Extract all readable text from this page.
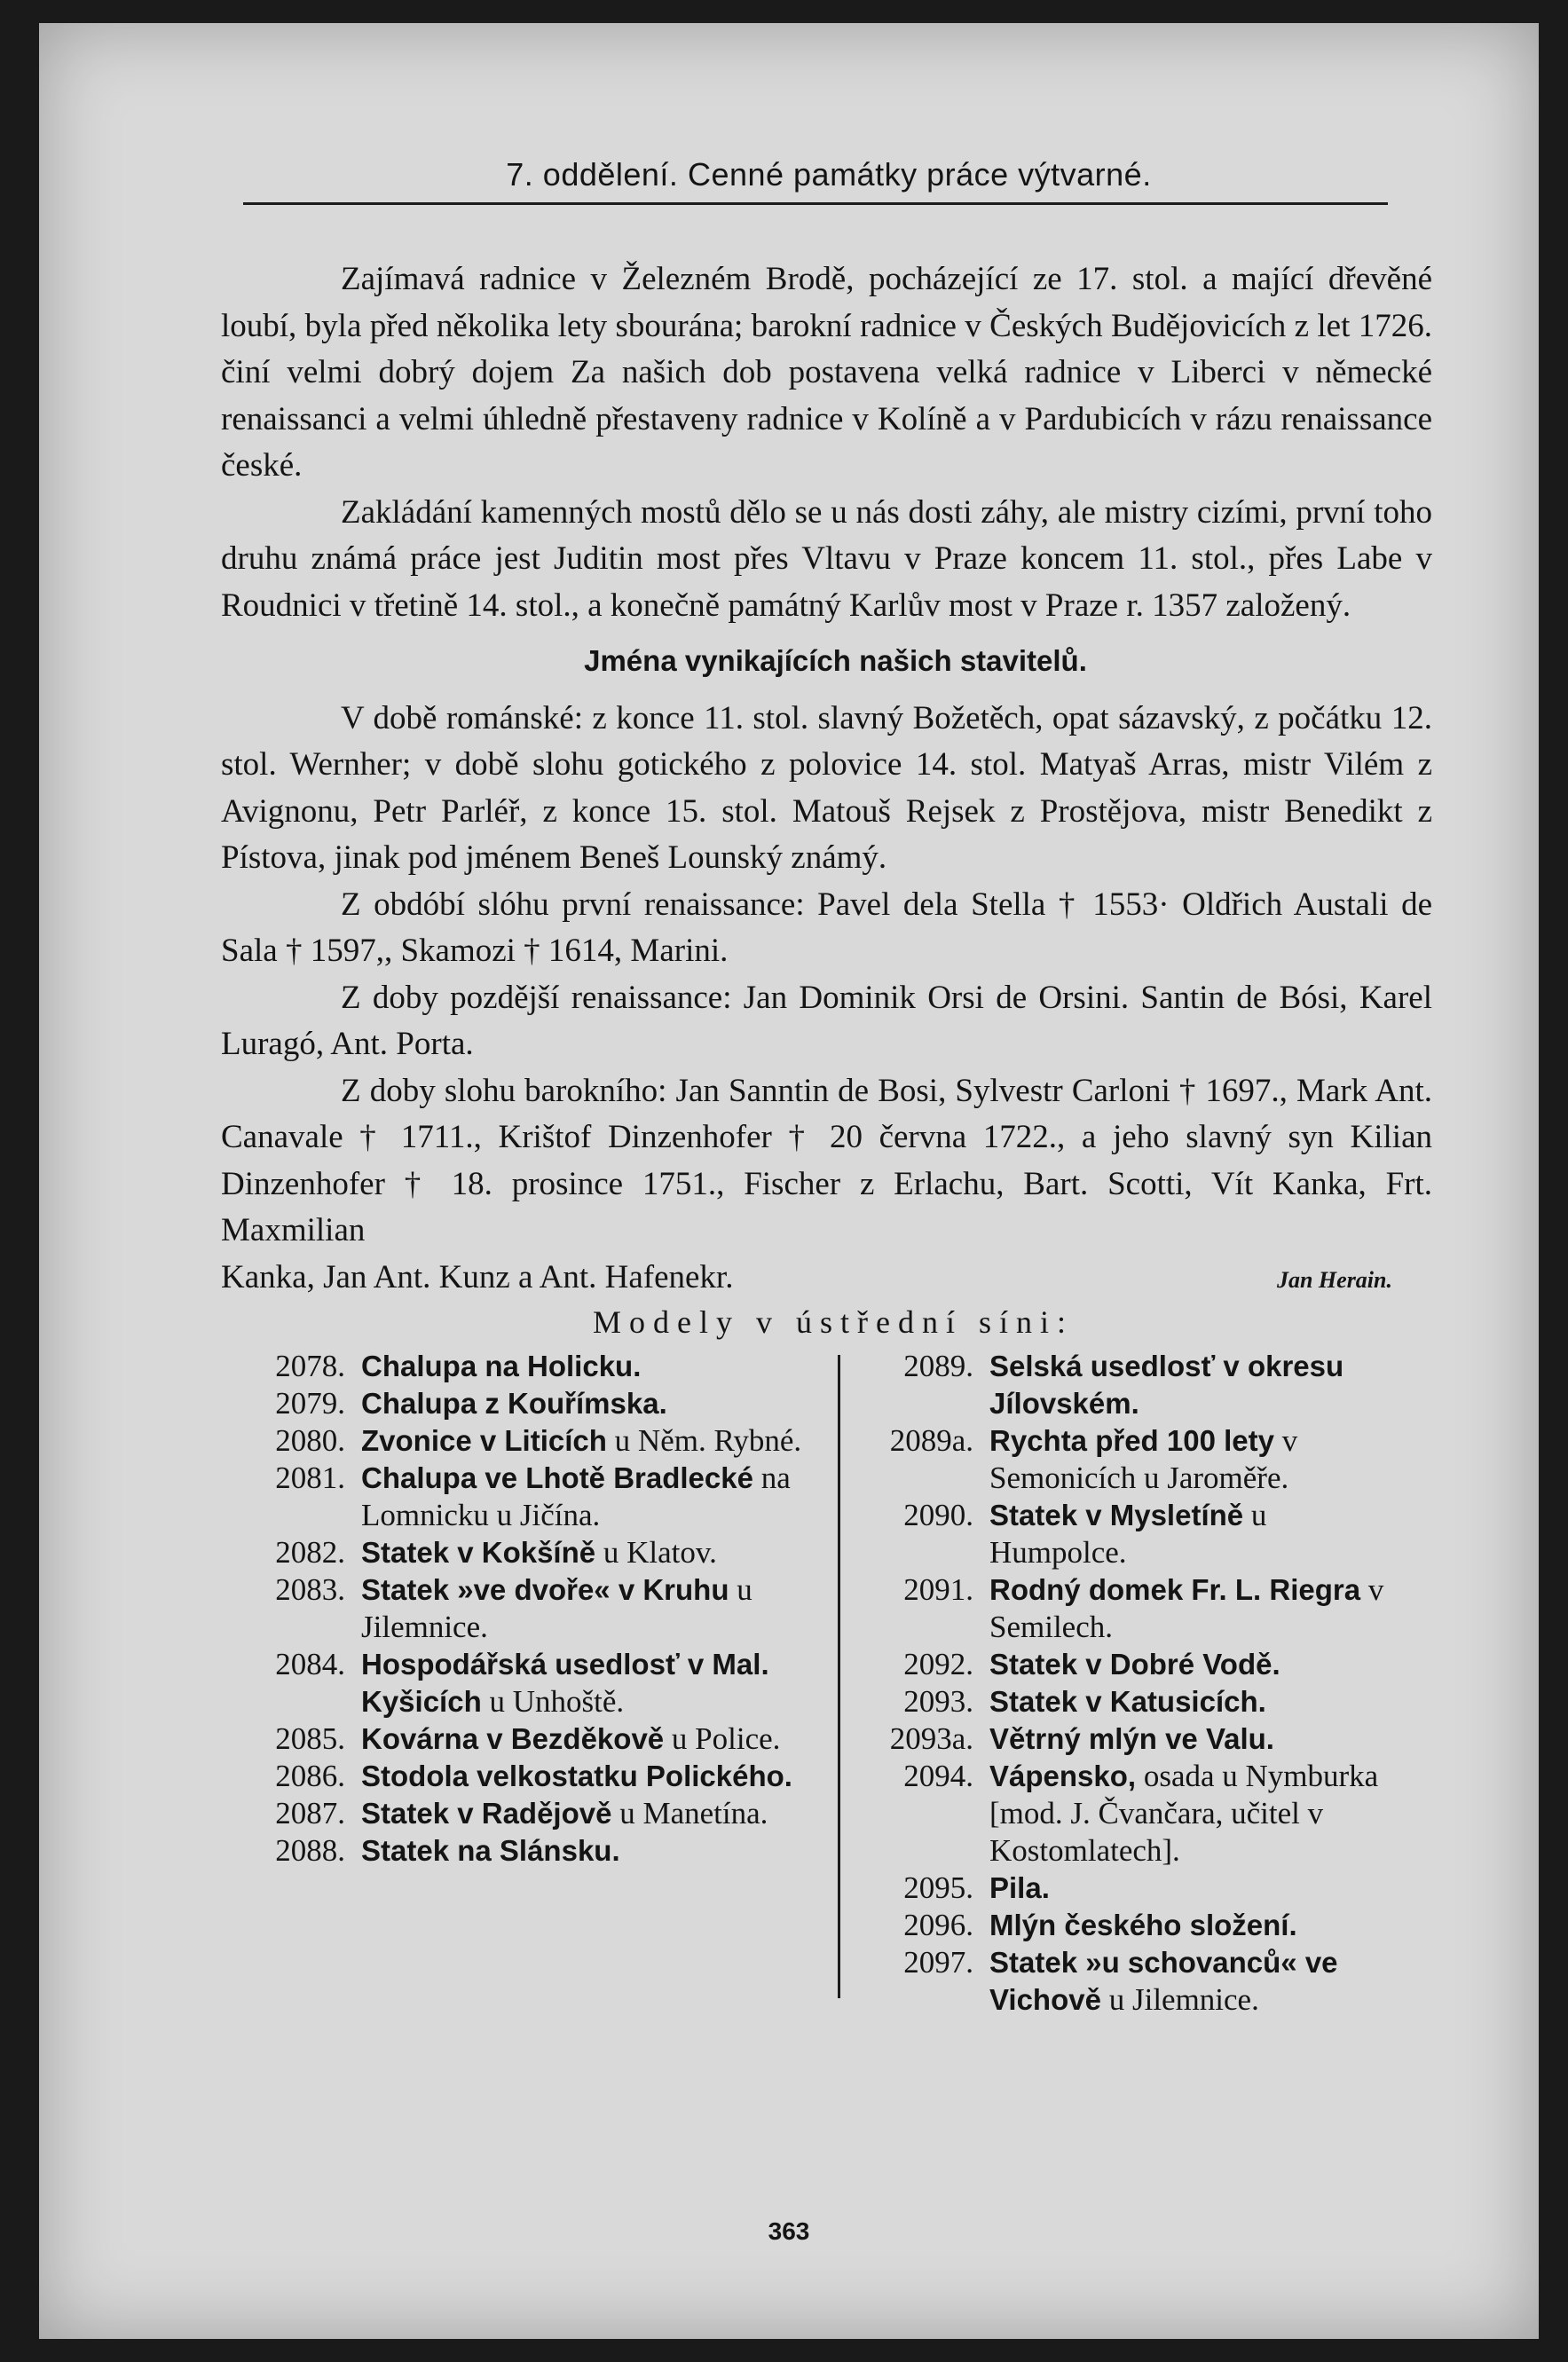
7. oddělení. Cenné památky práce výtvarné.

Zajímavá radnice v Železném Brodě, pocházející ze 17. stol. a mající dřevěné loubí, byla před několika lety sbourána; barokní radnice v Českých Budějovicích z let 1726. činí velmi dobrý dojem Za našich dob postavena velká radnice v Liberci v německé renaissanci a velmi úhledně přestaveny radnice v Kolíně a v Pardubicích v rázu renaissance české.

Zakládání kamenných mostů dělo se u nás dosti záhy, ale mistry cizími, první toho druhu známá práce jest Juditin most přes Vltavu v Praze koncem 11. stol., přes Labe v Roudnici v třetině 14. stol., a konečně památný Karlův most v Praze r. 1357 založený.

Jména vynikajících našich stavitelů.

V době románské: z konce 11. stol. slavný Božetěch, opat sázavský, z počátku 12. stol. Wernher; v době slohu gotického z polovice 14. stol. Matyaš Arras, mistr Vilém z Avignonu, Petr Parléř, z konce 15. stol. Matouš Rejsek z Prostějova, mistr Benedikt z Pístova, jinak pod jménem Beneš Lounský známý.

Z obdóbí slóhu první renaissance: Pavel dela Stella † 1553· Oldřich Austali de Sala † 1597,, Skamozi † 1614, Marini.

Z doby pozdější renaissance: Jan Dominik Orsi de Orsini. Santin de Bósi, Karel Luragó, Ant. Porta.

Z doby slohu barokního: Jan Sanntin de Bosi, Sylvestr Carloni † 1697., Mark Ant. Canavale † 1711., Krištof Dinzenhofer † 20 června 1722., a jeho slavný syn Kilian Dinzenhofer † 18. prosince 1751., Fischer z Erlachu, Bart. Scotti, Vít Kanka, Frt. Maxmilian

Kanka, Jan Ant. Kunz a Ant. Hafenekr.	Jan Herain.
Modely v ústřední síni:
2078. Chalupa na Holicku.
2079. Chalupa z Kouřímska.
2080. Zvonice v Liticích u Něm. Rybné.
2081. Chalupa ve Lhotě Bradlecké na Lomnicku u Jičína.
2082. Statek v Kokšíně u Klatov.
2083. Statek »ve dvoře« v Kruhu u Jilemnice.
2084. Hospodářská usedlosť v Mal. Kyšicích u Unhoště.
2085. Kovárna v Bezděkově u Police.
2086. Stodola velkostatku Polického.
2087. Statek v Radějově u Manetína.
2088. Statek na Slánsku.
2089. Selská usedlosť v okresu Jílovském.
2089a. Rychta před 100 lety v Semonicích u Jaroměře.
2090. Statek v Mysletíně u Humpolce.
2091. Rodný domek Fr. L. Riegra v Semilech.
2092. Statek v Dobré Vodě.
2093. Statek v Katusicích.
2093a. Větrný mlýn ve Valu.
2094. Vápensko, osada u Nymburka [mod. J. Čvančara, učitel v Kostomlatech].
2095. Pila.
2096. Mlýn českého složení.
2097. Statek »u schovanců« ve Vichově u Jilemnice.
363
